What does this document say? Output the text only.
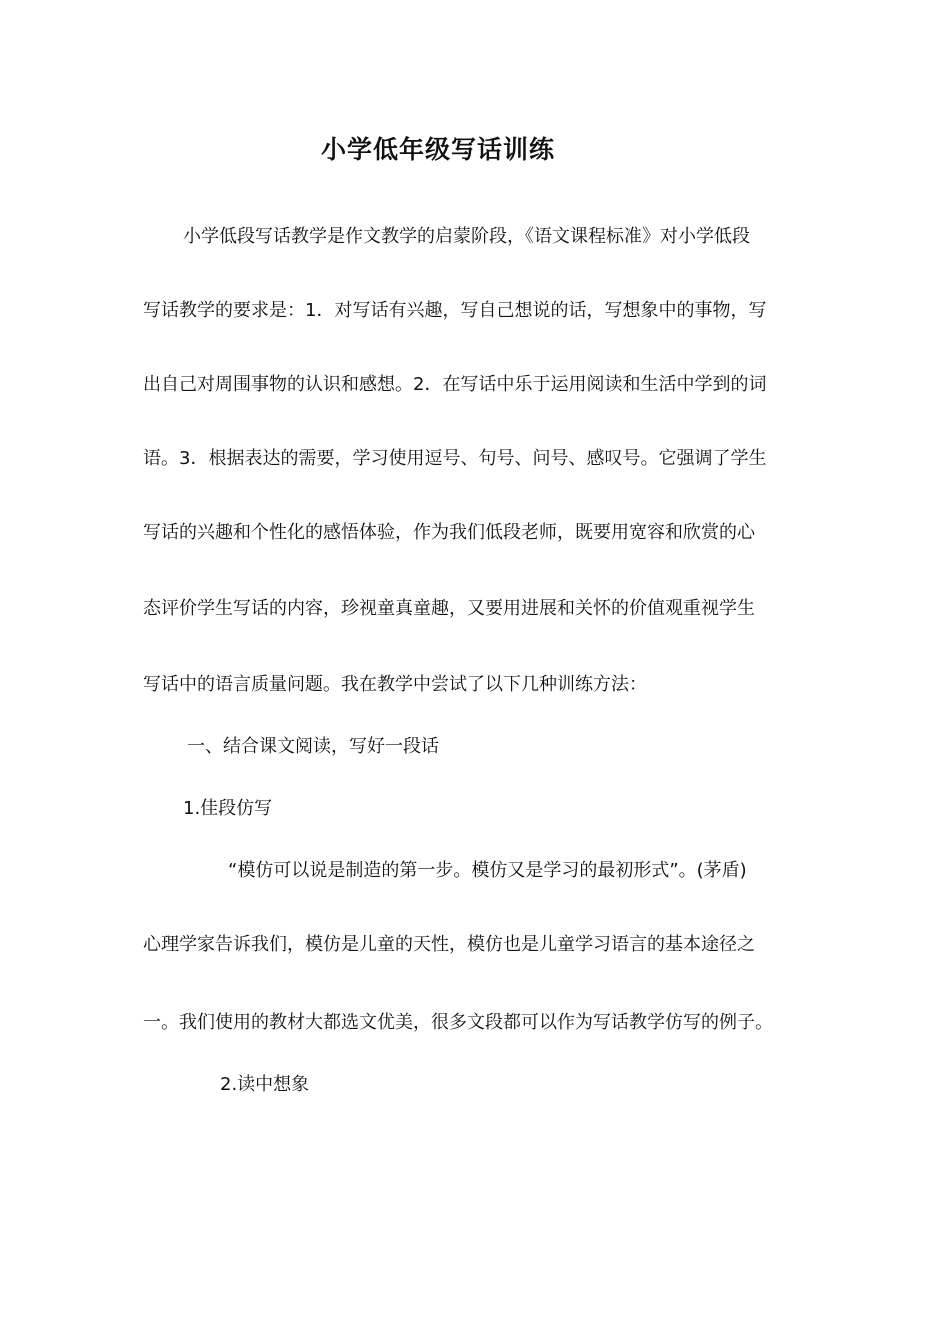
小学低年级写话训练

小学低段写话教学是作文教学的启蒙阶段，《语文课程标准》对小学低段

写话教学的要求是：1．对写话有兴趣，写自己想说的话，写想象中的事物，写

出自己对周围事物的认识和感想。2．在写话中乐于运用阅读和生活中学到的词

语。3．根据表达的需要，学习使用逗号、句号、问号、感叹号。它强调了学生

写话的兴趣和个性化的感悟体验，作为我们低段老师，既要用宽容和欣赏的心

态评价学生写话的内容，珍视童真童趣，又要用进展和关怀的价值观重视学生

写话中的语言质量问题。我在教学中尝试了以下几种训练方法：

一、结合课文阅读，写好一段话

1.佳段仿写

“模仿可以说是制造的第一步。模仿又是学习的最初形式”。(茅盾)

心理学家告诉我们，模仿是儿童的天性，模仿也是儿童学习语言的基本途径之

一。我们使用的教材大都选文优美，很多文段都可以作为写话教学仿写的例子。

2.读中想象
